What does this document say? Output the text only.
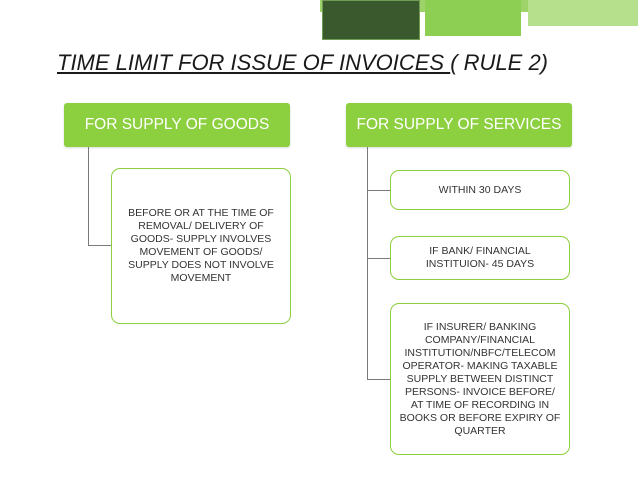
TIME LIMIT FOR ISSUE OF INVOICES ( RULE 2)
FOR SUPPLY OF GOODS
BEFORE OR AT THE TIME OF REMOVAL/ DELIVERY OF GOODS- SUPPLY INVOLVES MOVEMENT OF GOODS/ SUPPLY DOES NOT INVOLVE MOVEMENT
FOR SUPPLY OF SERVICES
WITHIN 30 DAYS
IF BANK/ FINANCIAL INSTITUION- 45 DAYS
IF INSURER/ BANKING COMPANY/FINANCIAL INSTITUTION/NBFC/TELECOM OPERATOR- MAKING TAXABLE SUPPLY BETWEEN DISTINCT PERSONS- INVOICE BEFORE/ AT TIME OF RECORDING IN BOOKS OR BEFORE EXPIRY OF QUARTER
